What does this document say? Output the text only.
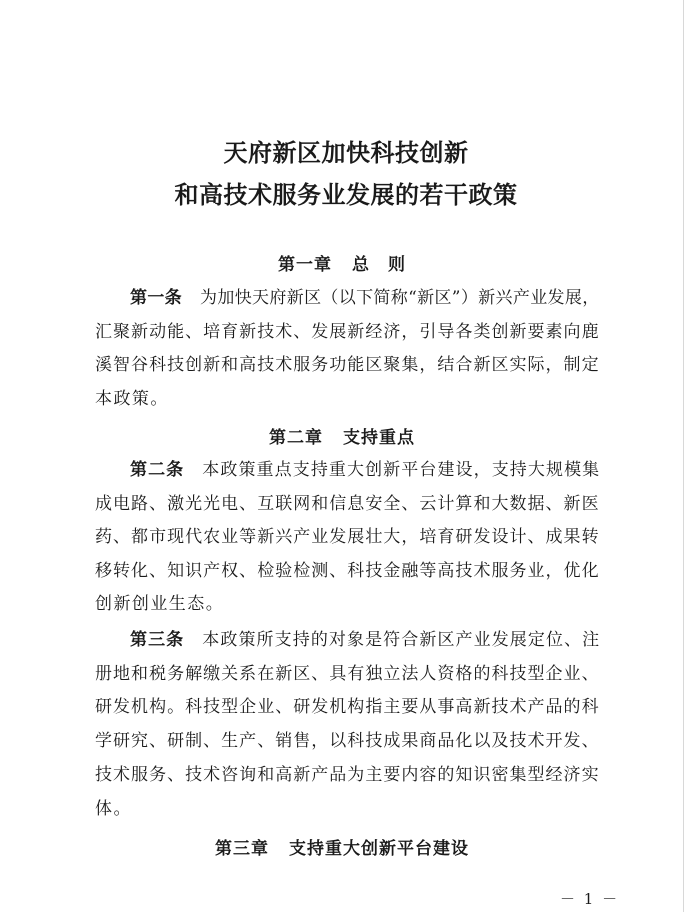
天府新区加快科技创新
和高技术服务业发展的若干政策
第一章 总　则
第一条 为加快天府新区（以下简称“新区”）新兴产业发展，
汇聚新动能、培育新技术、发展新经济，引导各类创新要素向鹿
溪智谷科技创新和高技术服务功能区聚集，结合新区实际，制定
本政策。
第二章 支持重点
第二条 本政策重点支持重大创新平台建设，支持大规模集
成电路、激光光电、互联网和信息安全、云计算和大数据、新医
药、都市现代农业等新兴产业发展壮大，培育研发设计、成果转
移转化、知识产权、检验检测、科技金融等高技术服务业，优化
创新创业生态。
第三条 本政策所支持的对象是符合新区产业发展定位、注
册地和税务解缴关系在新区、具有独立法人资格的科技型企业、
研发机构。科技型企业、研发机构指主要从事高新技术产品的科
学研究、研制、生产、销售，以科技成果商品化以及技术开发、
技术服务、技术咨询和高新产品为主要内容的知识密集型经济实
体。
第三章 支持重大创新平台建设
－ 1 －
